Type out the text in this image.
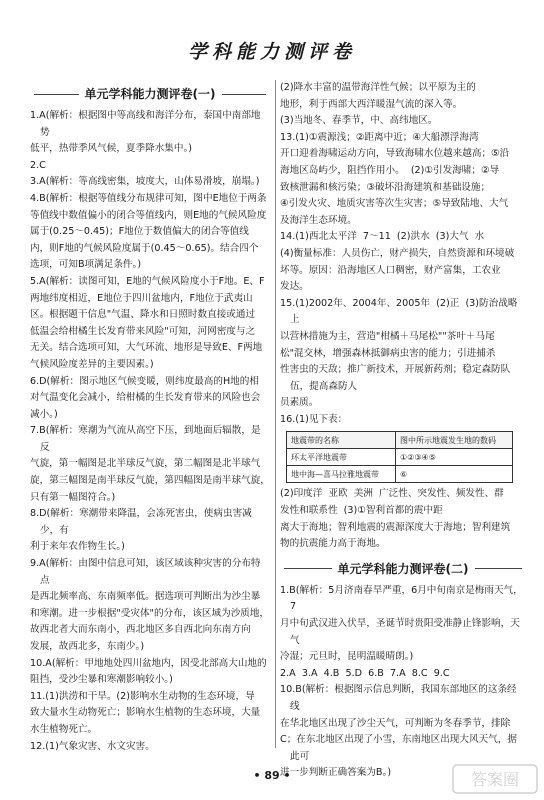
学科能力测评卷
单元学科能力测评卷(一)

1.A(解析：根据图中等高线和海洋分布，泰国中南部地势

低平，热带季风气候，夏季降水集中。)

2.C

3.A(解析：等高线密集，坡度大，山体易滑坡，崩塌。)

4.B(解析：根据等值线分布规律可知，图中E地位于两条

等值线中数值偏小的闭合等值线内，则E地的气候风险度

属于(0.25～0.45)；F地位于数值偏大的闭合等值线

内，则F地的气候风险度属于(0.45～0.65)。结合四个

选项，可知B项满足条件。)

5.A(解析：读图可知，E地的气候风险度小于F地。E、F

两地纬度相近，E地位于四川盆地内，F地位于武夷山

区。根据题干信息"气温、降水和日照时数直接或通过

低温会给柑橘生长发育带来风险"可知，河网密度与之

无关。结合选项可知，大气环流、地形是导致E、F两地

气候风险度差异的主要因素。)

6.D(解析：图示地区气候变暖，则纬度最高的H地的相

对气温变化会减小，给柑橘的生长发育带来的风险也会

减小。)

7.B(解析：寒潮为气流从高空下压，到地面后辐散，是反

气旋，第一幅图是北半球反气旋，第二幅图是北半球气

旋，第三幅图是南半球反气旋，第四幅图是南半球气旋，

只有第一幅图符合。)

8.D(解析：寒潮带来降温，会冻死害虫，使病虫害减少，有

利于来年农作物生长。)

9.A(解析：由图中信息可知，该区域该种灾害的分布特点

是西北频率高、东南频率低。据选项可判断出为沙尘暴

和寒潮。进一步根据"受灾体"的分布，该区域为沙质地，

故西北者大而东南小，西北地区多自西北向东南方向

发展，故西北多，东南少。)

10.A(解析：甲地地处四川盆地内，因受北部高大山地的

阻挡，受沙尘暴和寒潮影响较小。)

11.(1)洪涝和干旱。(2)影响水生动物的生态环境，导

致大量水生动物死亡；影响水生植物的生态环境，大量

水生植物死亡。

12.(1)气象灾害、水文灾害。

(2)降水丰富的温带海洋性气候；以平原为主的

地形，利于西部大西洋暖湿气流的深入等。

(3)当地冬、春季节，中、高纬地区。

13.(1)①震源浅；②距离中近；④大船漂浮海湾

开口迎着海啸运动方向，导致海啸水位越来越高；⑤沿

海地区岛屿少，阻挡作用小。  (2)①引发海啸；②导

致核泄漏和核污染；③破坏沿海建筑和基础设施；

④引发火灾、地质灾害等次生灾害；⑤导致陆地、大气

及海洋生态环境。

14.(1)西北太平洋  7～11  (2)洪水  (3)大气  水

(4)衡量标准：人员伤亡，财产损失，自然资源和环境破

坏等。原因：沿海地区人口稠密，财产富集，工农业

发达。

15.(1)2002年、2004年、2005年  (2)正  (3)防治战略上

以营林措施为主，营造"柑橘＋马尾松""茶叶＋马尾

松"混交林，增强森林抵御病虫害的能力；引进捕杀

性害虫的天敌；推广新技术，开展新药剂；稳定森防队伍，提高森防人

员素质。

16.(1)见下表：

地震带的名称	图中所示地震发生地的数码
环太平洋地震带	①②③④⑤
地中海—喜马拉雅地震带	⑥

(2)印度洋  亚欧  美洲  广泛性、突发性、频发性、群

发性和联系性  (3)①智利首都的震中距

离大于海地；智利地震的震源深度大于海地；智利建筑

物的抗震能力高于海地。

单元学科能力测评卷(二)

1.B(解析：5月济南春旱严重，6月中旬南京是梅雨天气，7

月中旬武汉进入伏旱，圣诞节时贵阳受准静止锋影响，天气

冷湿；元旦时，昆明温暖晴朗。)

2.A  3.A  4.B  5.D  6.B  7.A  8.C  9.C

10.B(解析：根据图示信息判断，我国东部地区的这条经线

在华北地区出现了沙尘天气，可判断为冬春季节，排除

C；在东北地区出现了小雪，东南地区出现大风天气，据此可

进一步判断正确答案为B。)

• 89 •	答案圈
